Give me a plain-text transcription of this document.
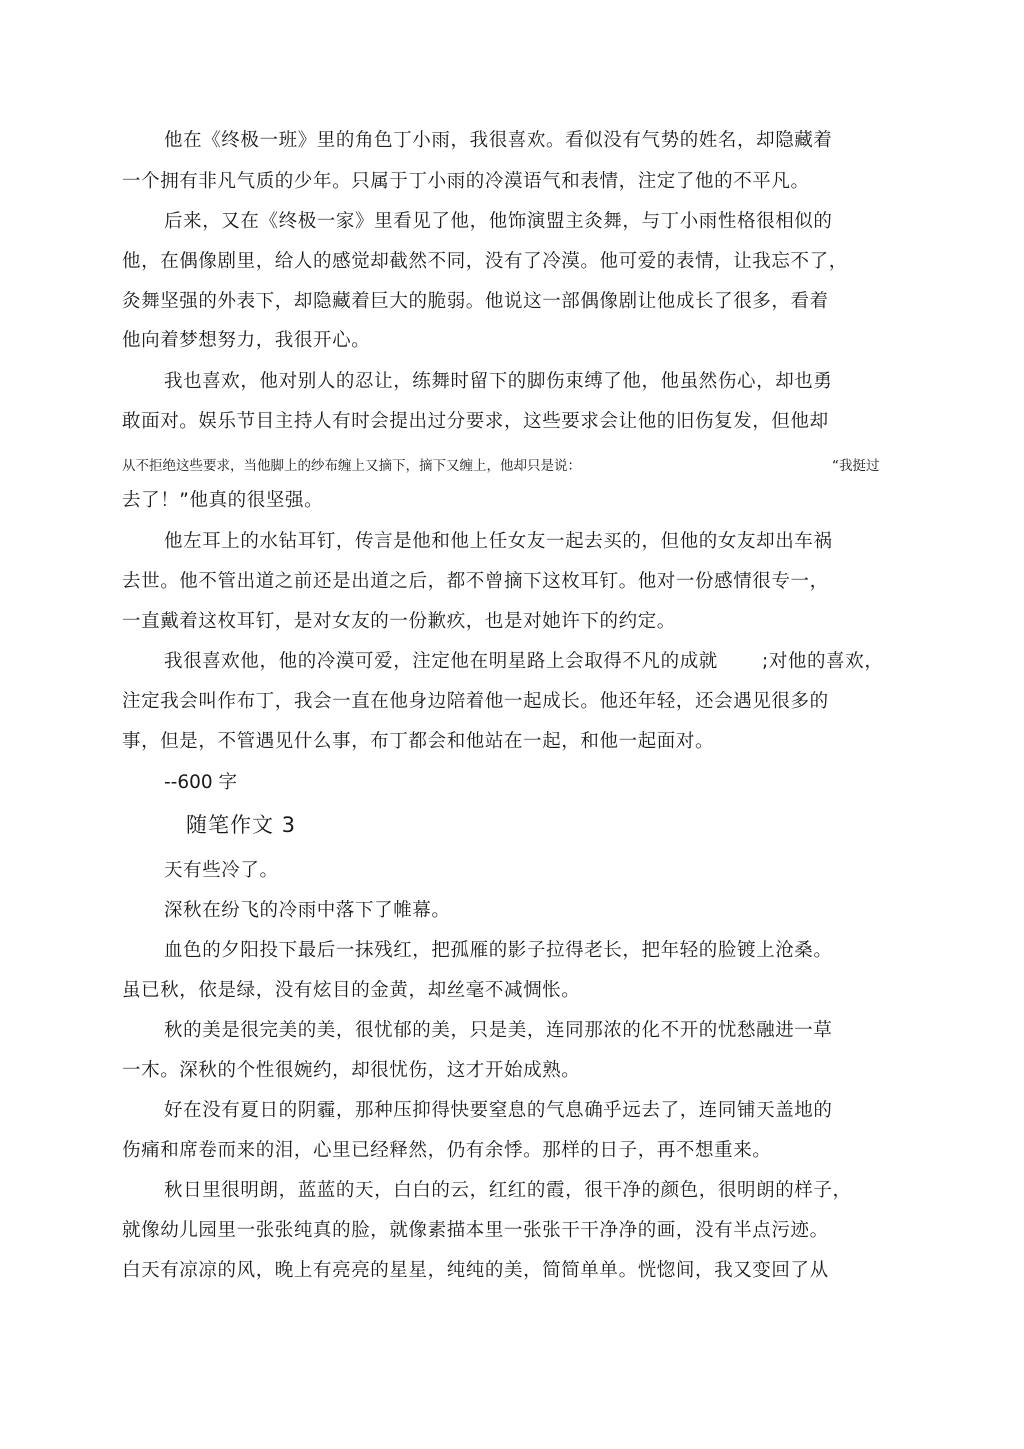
他在《终极一班》里的角色丁小雨，我很喜欢。看似没有气势的姓名，却隐藏着
一个拥有非凡气质的少年。只属于丁小雨的冷漠语气和表情，注定了他的不平凡。
后来，又在《终极一家》里看见了他，他饰演盟主灸舞，与丁小雨性格很相似的
他，在偶像剧里，给人的感觉却截然不同，没有了冷漠。他可爱的表情，让我忘不了，
灸舞坚强的外表下，却隐藏着巨大的脆弱。他说这一部偶像剧让他成长了很多，看着
他向着梦想努力，我很开心。
我也喜欢，他对别人的忍让，练舞时留下的脚伤束缚了他，他虽然伤心，却也勇
敢面对。娱乐节目主持人有时会提出过分要求，这些要求会让他的旧伤复发，但他却
从不拒绝这些要求，当他脚上的纱布缠上又摘下，摘下又缠上，他却只是说：	“我挺过
去了！”他真的很坚强。
他左耳上的水钻耳钉，传言是他和他上任女友一起去买的，但他的女友却出车祸
去世。他不管出道之前还是出道之后，都不曾摘下这枚耳钉。他对一份感情很专一，
一直戴着这枚耳钉，是对女友的一份歉疚，也是对她许下的约定。
我很喜欢他，他的冷漠可爱，注定他在明星路上会取得不凡的成就 ;对他的喜欢，
注定我会叫作布丁，我会一直在他身边陪着他一起成长。他还年轻，还会遇见很多的
事，但是，不管遇见什么事，布丁都会和他站在一起，和他一起面对。
--600 字
随笔作文 3
天有些冷了。
深秋在纷飞的冷雨中落下了帷幕。
血色的夕阳投下最后一抹残红，把孤雁的影子拉得老长，把年轻的脸镀上沧桑。
虽已秋，依是绿，没有炫目的金黄，却丝毫不减惆怅。
秋的美是很完美的美，很忧郁的美，只是美，连同那浓的化不开的忧愁融进一草
一木。深秋的个性很婉约，却很忧伤，这才开始成熟。
好在没有夏日的阴霾，那种压抑得快要窒息的气息确乎远去了，连同铺天盖地的
伤痛和席卷而来的泪，心里已经释然，仍有余悸。那样的日子，再不想重来。
秋日里很明朗，蓝蓝的天，白白的云，红红的霞，很干净的颜色，很明朗的样子，
就像幼儿园里一张张纯真的脸，就像素描本里一张张干干净净的画，没有半点污迹。
白天有凉凉的风，晚上有亮亮的星星，纯纯的美，简简单单。恍惚间，我又变回了从
